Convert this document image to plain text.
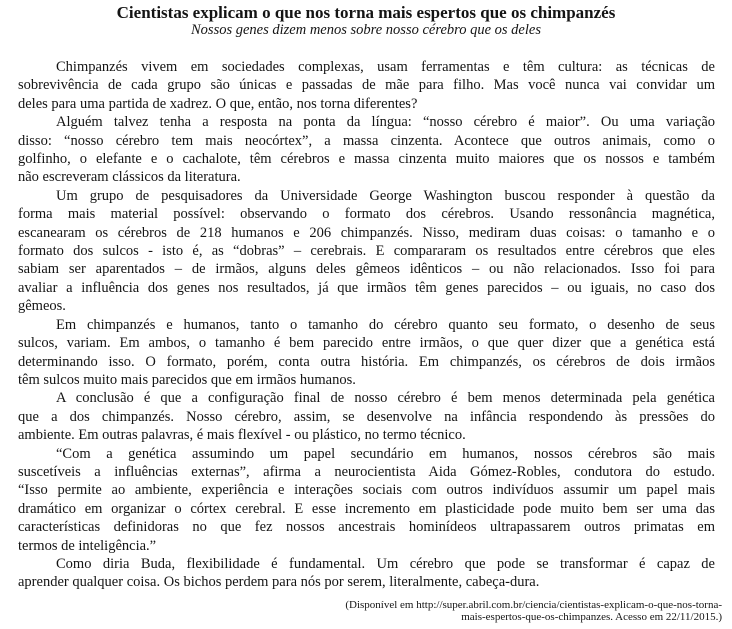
Cientistas explicam o que nos torna mais espertos que os chimpanzés
Nossos genes dizem menos sobre nosso cérebro que os deles
Chimpanzés vivem em sociedades complexas, usam ferramentas e têm cultura: as técnicas de
sobrevivência de cada grupo são únicas e passadas de mãe para filho. Mas você nunca vai convidar um
deles para uma partida de xadrez. O que, então, nos torna diferentes?
Alguém talvez tenha a resposta na ponta da língua: “nosso cérebro é maior”. Ou uma variação
disso: “nosso cérebro tem mais neocórtex”, a massa cinzenta. Acontece que outros animais, como o
golfinho, o elefante e o cachalote, têm cérebros e massa cinzenta muito maiores que os nossos e também
não escreveram clássicos da literatura.
Um grupo de pesquisadores da Universidade George Washington buscou responder à questão da
forma mais material possível: observando o formato dos cérebros. Usando ressonância magnética,
escanearam os cérebros de 218 humanos e 206 chimpanzés. Nisso, mediram duas coisas: o tamanho e o
formato dos sulcos - isto é, as “dobras” – cerebrais. E compararam os resultados entre cérebros que eles
sabiam ser aparentados – de irmãos, alguns deles gêmeos idênticos – ou não relacionados. Isso foi para
avaliar a influência dos genes nos resultados, já que irmãos têm genes parecidos – ou iguais, no caso dos
gêmeos.
Em chimpanzés e humanos, tanto o tamanho do cérebro quanto seu formato, o desenho de seus
sulcos, variam. Em ambos, o tamanho é bem parecido entre irmãos, o que quer dizer que a genética está
determinando isso. O formato, porém, conta outra história. Em chimpanzés, os cérebros de dois irmãos
têm sulcos muito mais parecidos que em irmãos humanos.
A conclusão é que a configuração final de nosso cérebro é bem menos determinada pela genética
que a dos chimpanzés. Nosso cérebro, assim, se desenvolve na infância respondendo às pressões do
ambiente. Em outras palavras, é mais flexível - ou plástico, no termo técnico.
“Com a genética assumindo um papel secundário em humanos, nossos cérebros são mais
suscetíveis a influências externas”, afirma a neurocientista Aida Gómez-Robles, condutora do estudo.
“Isso permite ao ambiente, experiência e interações sociais com outros indivíduos assumir um papel mais
dramático em organizar o córtex cerebral. E esse incremento em plasticidade pode muito bem ser uma das
características definidoras no que fez nossos ancestrais hominídeos ultrapassarem outros primatas em
termos de inteligência.”
Como diria Buda, flexibilidade é fundamental. Um cérebro que pode se transformar é capaz de
aprender qualquer coisa. Os bichos perdem para nós por serem, literalmente, cabeça-dura.
(Disponível em http://super.abril.com.br/ciencia/cientistas-explicam-o-que-nos-torna-
mais-espertos-que-os-chimpanzes. Acesso em 22/11/2015.)
